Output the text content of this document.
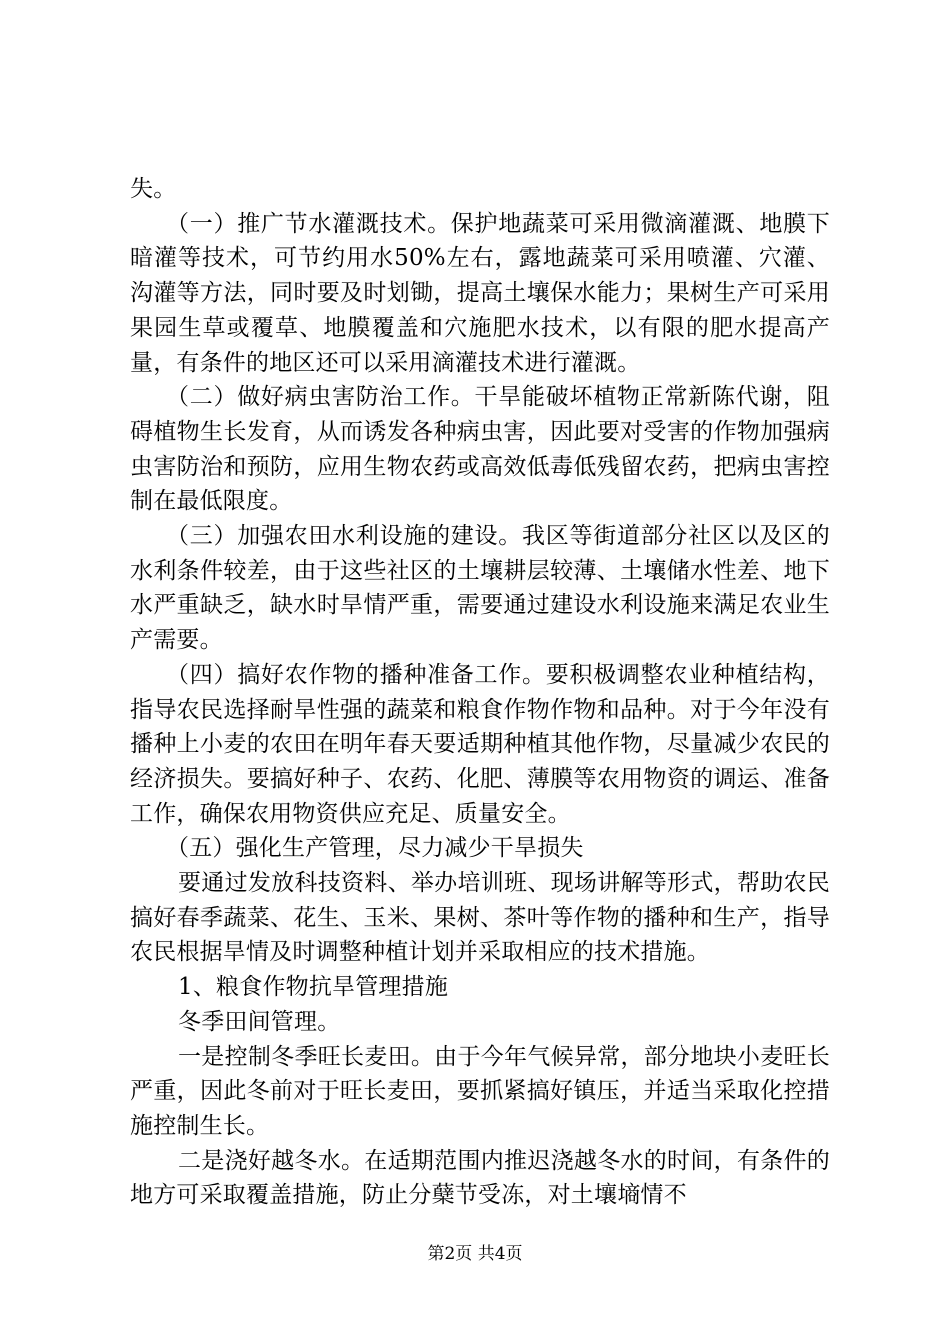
失。

（一）推广节水灌溉技术。保护地蔬菜可采用微滴灌溉、地膜下暗灌等技术，可节约用水50%左右，露地蔬菜可采用喷灌、穴灌、沟灌等方法，同时要及时划锄，提高土壤保水能力；果树生产可采用果园生草或覆草、地膜覆盖和穴施肥水技术，以有限的肥水提高产量，有条件的地区还可以采用滴灌技术进行灌溉。

（二）做好病虫害防治工作。干旱能破坏植物正常新陈代谢，阻碍植物生长发育，从而诱发各种病虫害，因此要对受害的作物加强病虫害防治和预防，应用生物农药或高效低毒低残留农药，把病虫害控制在最低限度。

（三）加强农田水利设施的建设。我区等街道部分社区以及区的水利条件较差，由于这些社区的土壤耕层较薄、土壤储水性差、地下水严重缺乏，缺水时旱情严重，需要通过建设水利设施来满足农业生产需要。

（四）搞好农作物的播种准备工作。要积极调整农业种植结构，指导农民选择耐旱性强的蔬菜和粮食作物作物和品种。对于今年没有播种上小麦的农田在明年春天要适期种植其他作物，尽量减少农民的经济损失。要搞好种子、农药、化肥、薄膜等农用物资的调运、准备工作，确保农用物资供应充足、质量安全。

（五）强化生产管理，尽力减少干旱损失

要通过发放科技资料、举办培训班、现场讲解等形式，帮助农民搞好春季蔬菜、花生、玉米、果树、茶叶等作物的播种和生产，指导农民根据旱情及时调整种植计划并采取相应的技术措施。

1、粮食作物抗旱管理措施

冬季田间管理。

一是控制冬季旺长麦田。由于今年气候异常，部分地块小麦旺长严重，因此冬前对于旺长麦田，要抓紧搞好镇压，并适当采取化控措施控制生长。

二是浇好越冬水。在适期范围内推迟浇越冬水的时间，有条件的地方可采取覆盖措施，防止分蘖节受冻，对土壤墒情不

第2页 共4页
